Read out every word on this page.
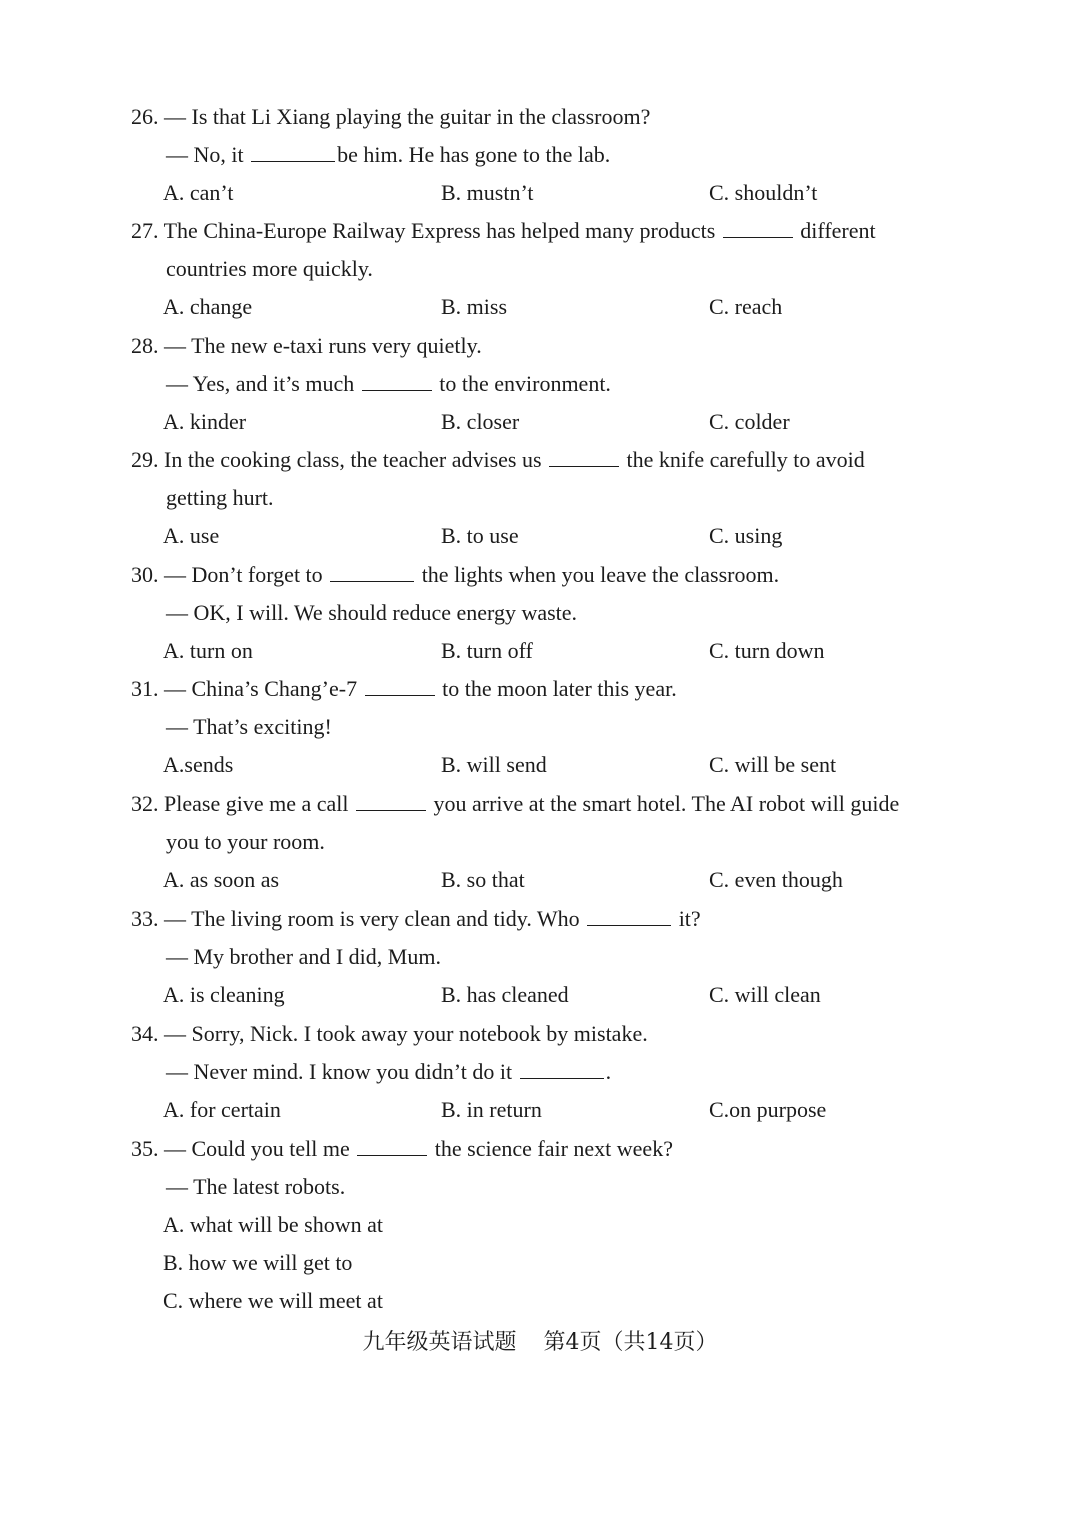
26. — Is that Li Xiang playing the guitar in the classroom?
— No, it	be him. He has gone to the lab.
A. can’t	B. mustn’t	C. shouldn’t
27. The China-Europe Railway Express has helped many products	different
countries more quickly.
A. change	B. miss	C. reach
28. — The new e-taxi runs very quietly.
— Yes, and it’s much	to the environment.
A. kinder	B. closer	C. colder
29. In the cooking class, the teacher advises us	the knife carefully to avoid
getting hurt.
A. use	B. to use	C. using
30. — Don’t forget to	the lights when you leave the classroom.
— OK, I will. We should reduce energy waste.
A. turn on	B. turn off	C. turn down
31. — China’s Chang’e-7	to the moon later this year.
— That’s exciting!
A.sends	B. will send	C. will be sent
32. Please give me a call	you arrive at the smart hotel. The AI robot will guide
you to your room.
A. as soon as	B. so that	C. even though
33. — The living room is very clean and tidy. Who	it?
— My brother and I did, Mum.
A. is cleaning	B. has cleaned	C. will clean
34. — Sorry, Nick. I took away your notebook by mistake.
— Never mind. I know you didn’t do it	.
A. for certain	B. in return	C.on purpose
35. — Could you tell me	the science fair next week?
— The latest robots.
A. what will be shown at
B. how we will get to
C. where we will meet at
九年级英语试题 第4页（共14页）
